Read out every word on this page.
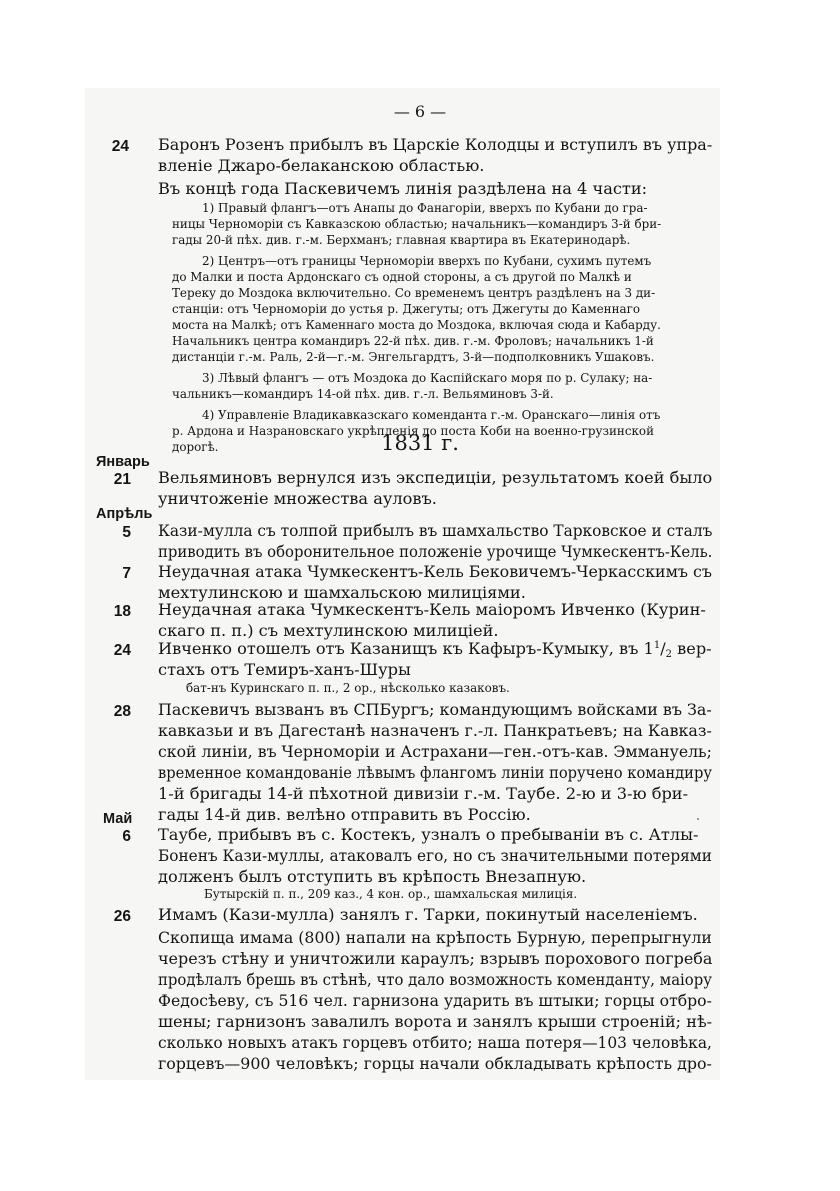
— 6 —
24 Баронъ Розенъ прибылъ въ Царскіе Колодцы и вступилъ въ упра-
вленіе Джаро-белаканскою областью.
Въ концѣ года Паскевичемъ линія раздѣлена на 4 части:
1) Правый флангъ—отъ Анапы до Фанагоріи, вверхъ по Кубани до гра-
ницы Черноморіи съ Кавказскою областью; начальникъ—командиръ 3-й бри-
гады 20-й пѣх. див. г.-м. Берхманъ; главная квартира въ Екатеринодарѣ.
2) Центръ—отъ границы Черноморіи вверхъ по Кубани, сухимъ путемъ
до Малки и поста Ардонскаго съ одной стороны, а съ другой по Малкѣ и
Тереку до Моздока включительно. Со временемъ центръ раздѣленъ на 3 ди-
станціи: отъ Черноморіи до устья р. Джегуты; отъ Джегуты до Каменнаго
моста на Малкѣ; отъ Каменнаго моста до Моздока, включая сюда и Кабарду.
Начальникъ центра командиръ 22-й пѣх. див. г.-м. Фроловъ; начальникъ 1-й
дистанціи г.-м. Раль, 2-й—г.-м. Энгельгардтъ, 3-й—подполковникъ Ушаковъ.
3) Лѣвый флангъ — отъ Моздока до Каспійскаго моря по р. Сулаку; на-
чальникъ—командиръ 14-ой пѣх. див. г.-л. Вельяминовъ 3-й.
4) Управленіе Владикавказскаго коменданта г.-м. Оранскаго—линія отъ
р. Ардона и Назрановскаго укрѣпленія до поста Коби на военно-грузинской
дорогѣ.	1831 г.
Январь
21 Вельяминовъ вернулся изъ экспедиціи, результатомъ коей было
уничтоженіе множества ауловъ.
Апрѣль
5 Кази-мулла съ толпой прибылъ въ шамхальство Тарковское и сталъ
приводить въ оборонительное положеніе урочище Чумкескентъ-Кель.
7 Неудачная атака Чумкескентъ-Кель Бековичемъ-Черкасскимъ съ
мехтулинскою и шамхальскою милиціями.
18 Неудачная атака Чумкескентъ-Кель маіоромъ Ивченко (Курин-
скаго п. п.) съ мехтулинскою милиціей.
24 Ивченко отошелъ отъ Казанищъ къ Кафыръ-Кумыку, въ $1^1/_2$ вер-
стахъ отъ Темиръ-ханъ-Шуры
бат-нъ Куринскаго п. п., 2 ор., нѣсколько казаковъ.
28 Паскевичъ вызванъ въ СПБургъ; командующимъ войсками въ За-
кавказьи и въ Дагестанѣ назначенъ г.-л. Панкратьевъ; на Кавказ-
ской линіи, въ Черноморіи и Астрахани—ген.-отъ-кав. Эммануель;
временное командованіе лѣвымъ флангомъ линіи поручено командиру
1-й бригады 14-й пѣхотной дивизіи г.-м. Таубе. 2-ю и 3-ю бри-
гады 14-й див. велѣно отправить въ Россію.
Май
6 Таубе, прибывъ въ с. Костекъ, узналъ о пребываніи въ с. Атлы-
Боненъ Кази-муллы, атаковалъ его, но съ значительными потерями
долженъ былъ отступить въ крѣпость Внезапную.
Бутырскій п. п., 209 каз., 4 кон. ор., шамхальская милиція.
26 Имамъ (Кази-мулла) занялъ г. Тарки, покинутый населеніемъ.
Скопища имама (800) напали на крѣпость Бурную, перепрыгнули
черезъ стѣну и уничтожили караулъ; взрывъ порохового погреба
продѣлалъ брешь въ стѣнѣ, что дало возможность коменданту, маіору
Федосѣеву, съ 516 чел. гарнизона ударить въ штыки; горцы отбро-
шены; гарнизонъ завалилъ ворота и занялъ крыши строеній; нѣ-
сколько новыхъ атакъ горцевъ отбито; наша потеря—103 человѣка,
горцевъ—900 человѣкъ; горцы начали обкладывать крѣпость дро-
